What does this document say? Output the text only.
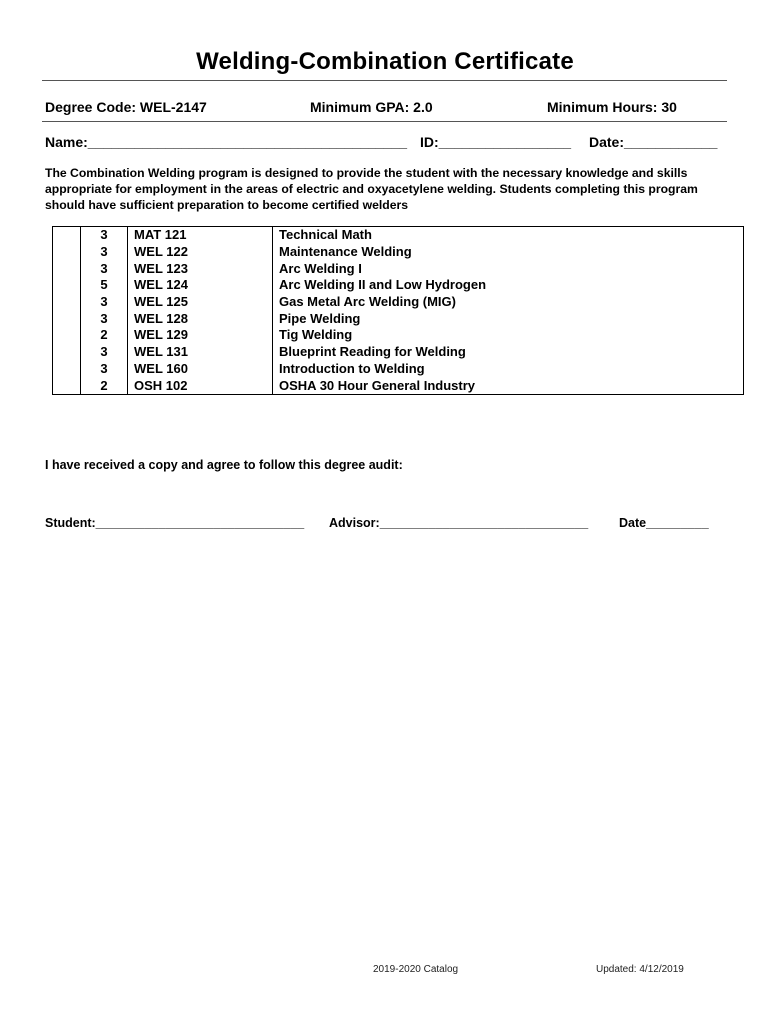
Welding-Combination Certificate
Degree Code: WEL-2147	Minimum GPA: 2.0	Minimum Hours: 30
Name:_________________________________________ ID:_________________ Date:____________
The Combination Welding program is designed to provide the student with the necessary knowledge and skills appropriate for employment in the areas of electric and oxyacetylene welding. Students completing this program should have sufficient preparation to become certified welders
	3	MAT 121	Technical Math
	3	WEL 122	Maintenance Welding
	3	WEL 123	Arc Welding I
	5	WEL 124	Arc Welding II and Low Hydrogen
	3	WEL 125	Gas Metal Arc Welding (MIG)
	3	WEL 128	Pipe Welding
	2	WEL 129	Tig Welding
	3	WEL 131	Blueprint Reading for Welding
	3	WEL 160	Introduction to Welding
	2	OSH 102	OSHA 30 Hour General Industry
I have received a copy and agree to follow this degree audit:
Student:______________________________ Advisor:______________________________ Date_________
2019-2020 Catalog	Updated: 4/12/2019
